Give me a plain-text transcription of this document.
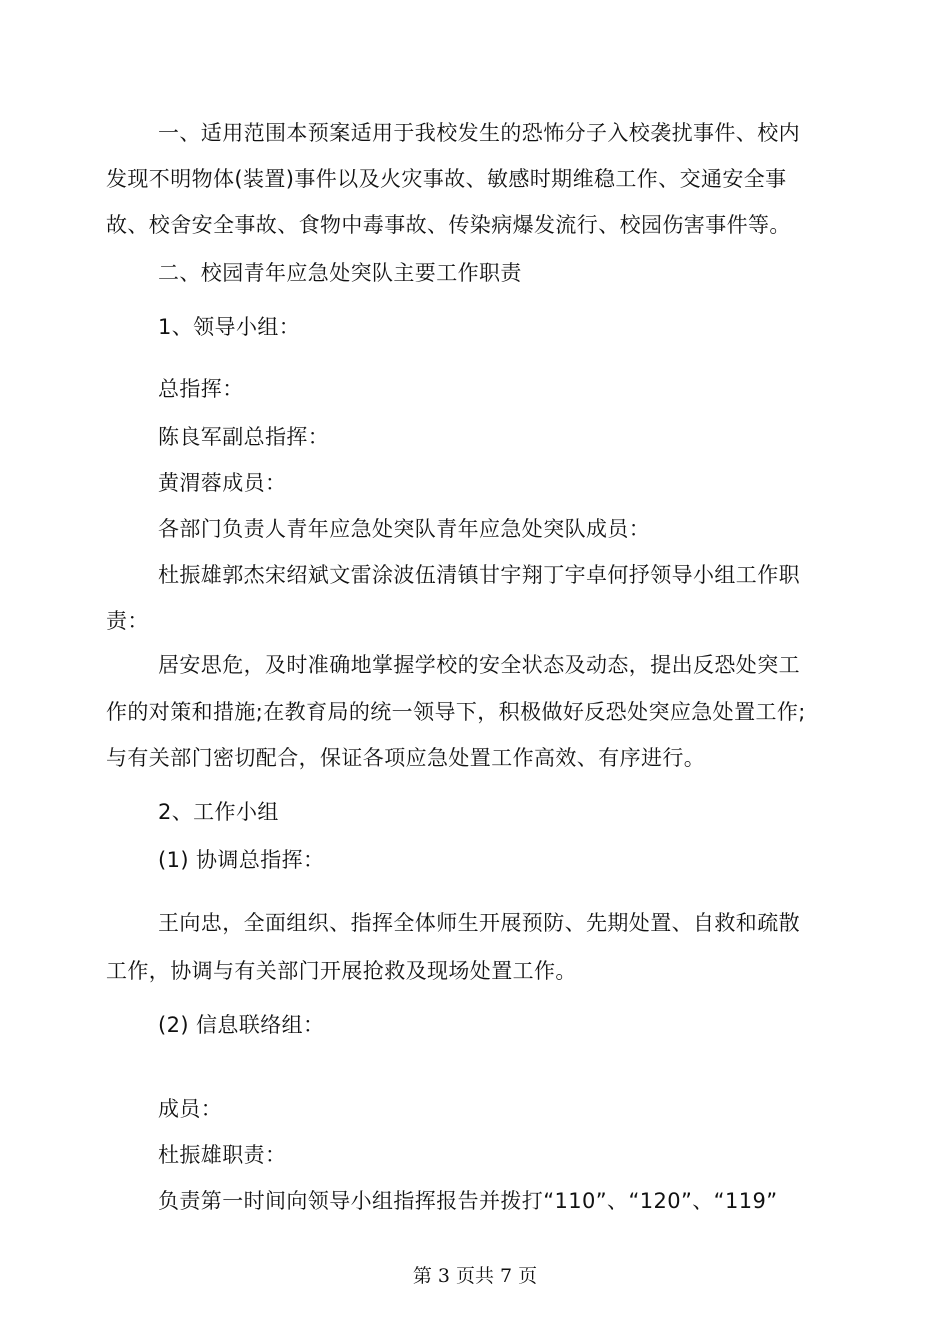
一、适用范围本预案适用于我校发生的恐怖分子入校袭扰事件、校内
发现不明物体(装置)事件以及火灾事故、敏感时期维稳工作、交通安全事
故、校舍安全事故、食物中毒事故、传染病爆发流行、校园伤害事件等。
二、校园青年应急处突队主要工作职责
1、领导小组：
总指挥：
陈良军副总指挥：
黄渭蓉成员：
各部门负责人青年应急处突队青年应急处突队成员：
杜振雄郭杰宋绍斌文雷涂波伍清镇甘宇翔丁宇卓何抒领导小组工作职
责：
居安思危，及时准确地掌握学校的安全状态及动态，提出反恐处突工
作的对策和措施;在教育局的统一领导下，积极做好反恐处突应急处置工作;
与有关部门密切配合，保证各项应急处置工作高效、有序进行。
2、工作小组
(1) 协调总指挥：
王向忠，全面组织、指挥全体师生开展预防、先期处置、自救和疏散
工作，协调与有关部门开展抢救及现场处置工作。
(2) 信息联络组：
成员：
杜振雄职责：
负责第一时间向领导小组指挥报告并拨打“110”、“120”、“119”
第 3 页共 7 页
